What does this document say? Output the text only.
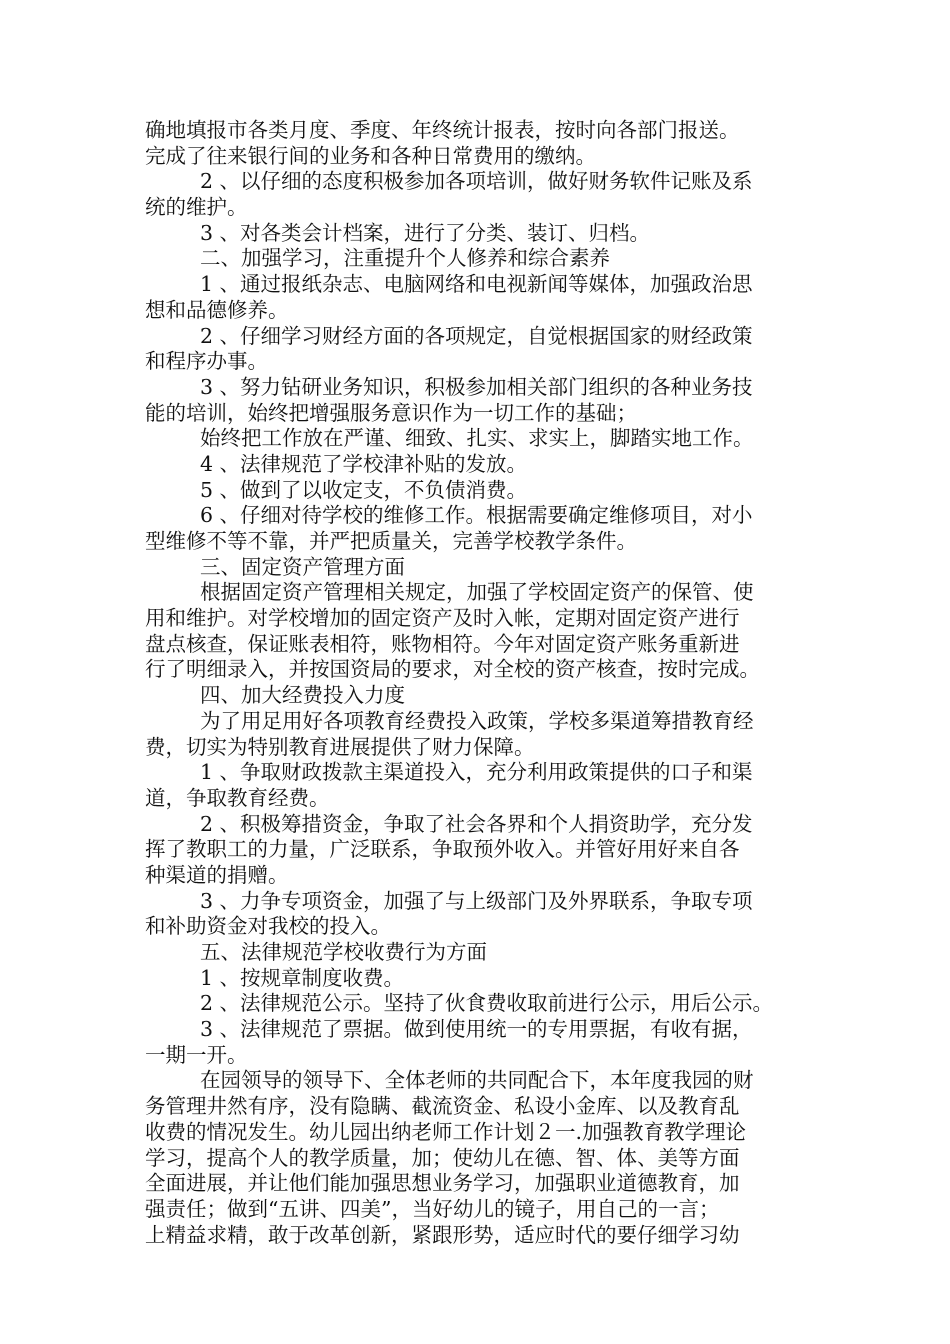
确地填报市各类月度、季度、年终统计报表，按时向各部门报送。
完成了往来银行间的业务和各种日常费用的缴纳。
2 、以仔细的态度积极参加各项培训，做好财务软件记账及系
统的维护。
3 、对各类会计档案，进行了分类、装订、归档。
二、加强学习，注重提升个人修养和综合素养
1 、通过报纸杂志、电脑网络和电视新闻等媒体，加强政治思
想和品德修养。
2 、仔细学习财经方面的各项规定，自觉根据国家的财经政策
和程序办事。
3 、努力钻研业务知识，积极参加相关部门组织的各种业务技
能的培训，始终把增强服务意识作为一切工作的基础；
始终把工作放在严谨、细致、扎实、求实上，脚踏实地工作。
4 、法律规范了学校津补贴的发放。
5 、做到了以收定支，不负债消费。
6 、仔细对待学校的维修工作。根据需要确定维修项目，对小
型维修不等不靠，并严把质量关，完善学校教学条件。
三、固定资产管理方面
根据固定资产管理相关规定，加强了学校固定资产的保管、使
用和维护。对学校增加的固定资产及时入帐，定期对固定资产进行
盘点核查，保证账表相符，账物相符。今年对固定资产账务重新进
行了明细录入，并按国资局的要求，对全校的资产核查，按时完成。
四、加大经费投入力度
为了用足用好各项教育经费投入政策，学校多渠道筹措教育经
费，切实为特别教育进展提供了财力保障。
1 、争取财政拨款主渠道投入，充分利用政策提供的口子和渠
道，争取教育经费。
2 、积极筹措资金，争取了社会各界和个人捐资助学，充分发
挥了教职工的力量，广泛联系，争取预外收入。并管好用好来自各
种渠道的捐赠。
3 、力争专项资金，加强了与上级部门及外界联系，争取专项
和补助资金对我校的投入。
五、法律规范学校收费行为方面
1 、按规章制度收费。
2 、法律规范公示。坚持了伙食费收取前进行公示，用后公示。
3 、法律规范了票据。做到使用统一的专用票据，有收有据，
一期一开。
在园领导的领导下、全体老师的共同配合下，本年度我园的财
务管理井然有序，没有隐瞒、截流资金、私设小金库、以及教育乱
收费的情况发生。幼儿园出纳老师工作计划２一.加强教育教学理论
学习，提高个人的教学质量，加；使幼儿在德、智、体、美等方面
全面进展，并让他们能加强思想业务学习，加强职业道德教育，加
强责任；做到“五讲、四美”，当好幼儿的镜子，用自己的一言；
上精益求精，敢于改革创新，紧跟形势，适应时代的要仔细学习幼
